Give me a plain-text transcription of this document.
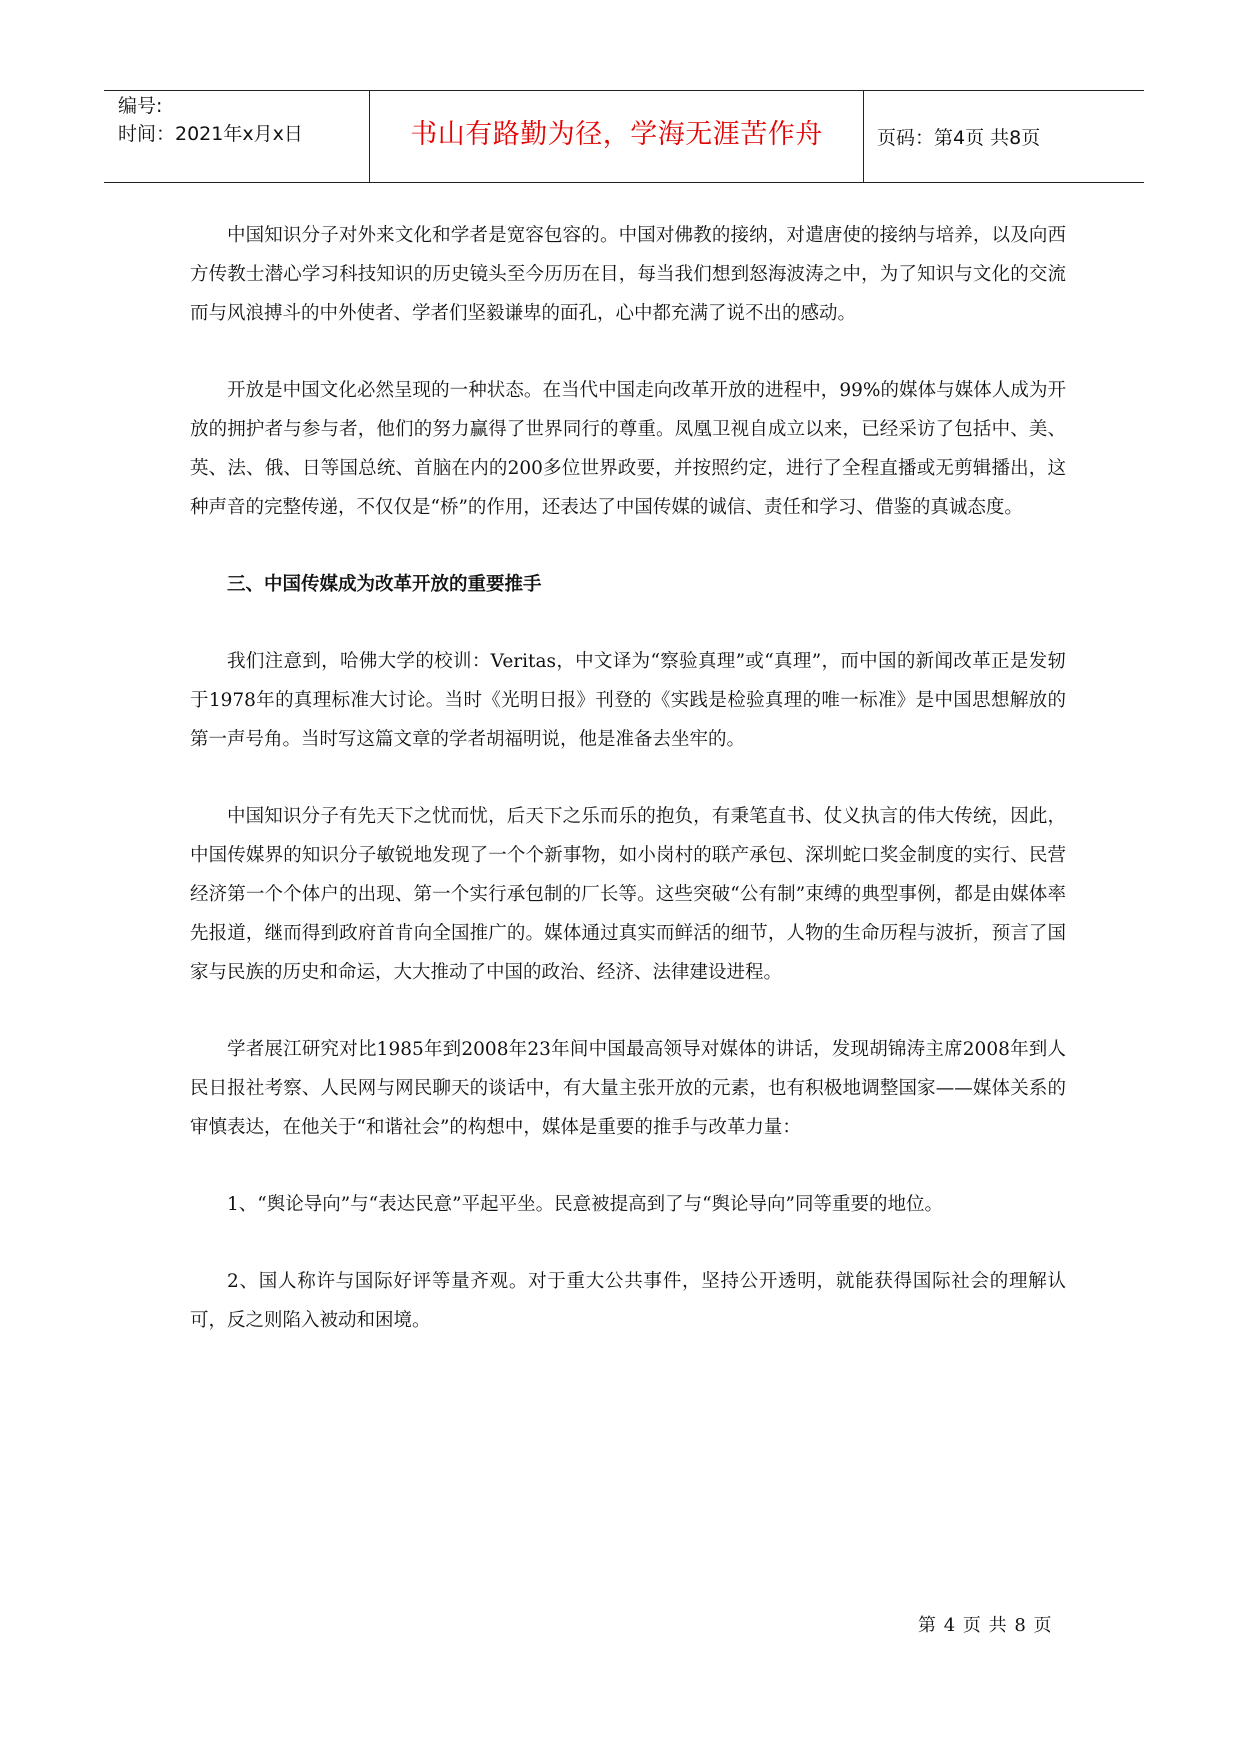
编号:
时间：2021年x月x日	书山有路勤为径，学海无涯苦作舟	页码：第4页 共8页

中国知识分子对外来文化和学者是宽容包容的。中国对佛教的接纳，对遣唐使的接纳与培养，以及向西方传教士潜心学习科技知识的历史镜头至今历历在目，每当我们想到怒海波涛之中，为了知识与文化的交流而与风浪搏斗的中外使者、学者们坚毅谦卑的面孔，心中都充满了说不出的感动。

开放是中国文化必然呈现的一种状态。在当代中国走向改革开放的进程中，99%的媒体与媒体人成为开放的拥护者与参与者，他们的努力赢得了世界同行的尊重。凤凰卫视自成立以来，已经采访了包括中、美、英、法、俄、日等国总统、首脑在内的200多位世界政要，并按照约定，进行了全程直播或无剪辑播出，这种声音的完整传递，不仅仅是“桥”的作用，还表达了中国传媒的诚信、责任和学习、借鉴的真诚态度。

三、中国传媒成为改革开放的重要推手

我们注意到，哈佛大学的校训：Veritas，中文译为“察验真理”或“真理”，而中国的新闻改革正是发轫于1978年的真理标准大讨论。当时《光明日报》刊登的《实践是检验真理的唯一标准》是中国思想解放的第一声号角。当时写这篇文章的学者胡福明说，他是准备去坐牢的。

中国知识分子有先天下之忧而忧，后天下之乐而乐的抱负，有秉笔直书、仗义执言的伟大传统，因此，中国传媒界的知识分子敏锐地发现了一个个新事物，如小岗村的联产承包、深圳蛇口奖金制度的实行、民营经济第一个个体户的出现、第一个实行承包制的厂长等。这些突破“公有制”束缚的典型事例，都是由媒体率先报道，继而得到政府首肯向全国推广的。媒体通过真实而鲜活的细节，人物的生命历程与波折，预言了国家与民族的历史和命运，大大推动了中国的政治、经济、法律建设进程。

学者展江研究对比1985年到2008年23年间中国最高领导对媒体的讲话，发现胡锦涛主席2008年到人民日报社考察、人民网与网民聊天的谈话中，有大量主张开放的元素，也有积极地调整国家——媒体关系的审慎表达，在他关于“和谐社会”的构想中，媒体是重要的推手与改革力量：

1、“舆论导向”与“表达民意”平起平坐。民意被提高到了与“舆论导向”同等重要的地位。

2、国人称许与国际好评等量齐观。对于重大公共事件，坚持公开透明，就能获得国际社会的理解认可，反之则陷入被动和困境。

第 4 页 共 8 页
